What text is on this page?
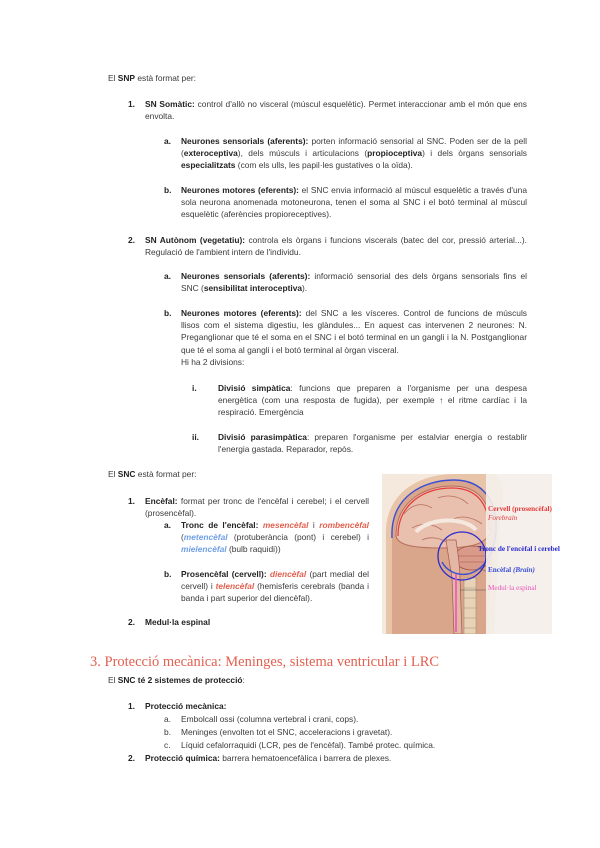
El SNP està format per:
1. SN Somàtic: control d'allò no visceral (múscul esquelètic). Permet interaccionar amb el món que ens envolta.
a. Neurones sensorials (aferents): porten informació sensorial al SNC. Poden ser de la pell (exteroceptiva), dels músculs i articulacions (propioceptiva) i dels òrgans sensorials especialitzats (com els ulls, les papil·les gustatives o la oïda).
b. Neurones motores (eferents): el SNC envia informació al múscul esquelètic a través d'una sola neurona anomenada motoneurona, tenen el soma al SNC i el botó terminal al múscul esquelètic (aferències propioreceptives).
2. SN Autònom (vegetatiu): controla els òrgans i funcions viscerals (batec del cor, pressió arterial...). Regulació de l'ambient intern de l'individu.
a. Neurones sensorials (aferents): informació sensorial des dels òrgans sensorials fins el SNC (sensibilitat interoceptiva).
b. Neurones motores (eferents): del SNC a les vísceres. Control de funcions de músculs llisos com el sistema digestiu, les glàndules... En aquest cas intervenen 2 neurones: N. Preganglionar que té el soma en el SNC i el botó terminal en un gangli i la N. Postganglionar que té el soma al gangli i el botó terminal al òrgan visceral.
Hi ha 2 divisions:
i.	Divisió simpàtica: funcions que preparen a l'organisme per una despesa energètica (com una resposta de fugida), per exemple ↑ el ritme cardíac i la respiració. Emergència
ii. Divisió parasimpàtica: preparen l'organisme per estalviar energia o restablir l'energia gastada. Reparador, repòs.
El SNC està format per:
1. Encèfal: format per tronc de l'encèfal i cerebel; i el cervell (prosencèfal).
a. Tronc de l'encèfal: mesencèfal i rombencèfal (metencèfal (protuberància (pont) i cerebel) i mielencèfal (bulb raquidi))
b. Prosencèfal (cervell): diencèfal (part medial del cervell) i telencèfal (hemisferis cerebrals (banda i banda i part superior del diencèfal).
2. Medul·la espinal
Cervell (prosencèfal)
Forebrain
Tronc de l'encèfal i cerebel
Encèfal (Brain)
Medul·la espinal
3. Protecció mecànica: Meninges, sistema ventricular i LRC
El SNC té 2 sistemes de protecció:
1. Protecció mecànica:
a. Embolcall ossi (columna vertebral i crani, cops).
b. Meninges (envolten tot el SNC, acceleracions i gravetat).
c. Líquid cefalorraquidi (LCR, pes de l'encèfal). També protec. química.
2. Protecció química: barrera hematoencefàlica i barrera de plexes.
